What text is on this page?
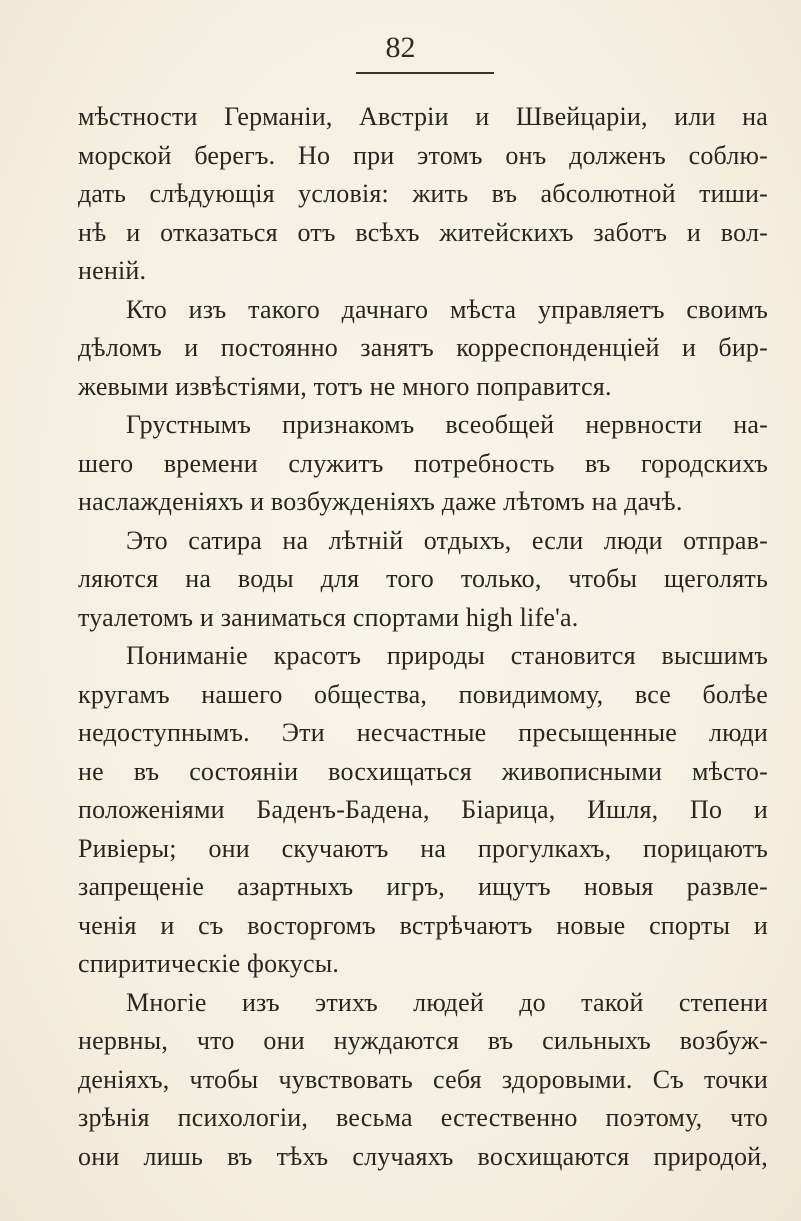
82

мѣстности Германіи, Австріи и Швейцаріи, или на
морской берегъ. Но при этомъ онъ долженъ соблю-
дать слѣдующія условія: жить въ абсолютной тиши-
нѣ и отказаться отъ всѣхъ житейскихъ заботъ и вол-
неній.

Кто изъ такого дачнаго мѣста управляетъ своимъ
дѣломъ и постоянно занятъ корреспонденціей и бир-
жевыми извѣстіями, тотъ не много поправится.

Грустнымъ признакомъ всеобщей нервности на-
шего времени служитъ потребность въ городскихъ
наслажденіяхъ и возбужденіяхъ даже лѣтомъ на дачѣ.

Это сатира на лѣтній отдыхъ, если люди отправ-
ляются на воды для того только, чтобы щеголять
туалетомъ и заниматься спортами high life'а.

Пониманіе красотъ природы становится высшимъ
кругамъ нашего общества, повидимому, все болѣе
недоступнымъ. Эти несчастные пресыщенные люди
не въ состояніи восхищаться живописными мѣсто-
положеніями Баденъ-Бадена, Біарица, Ишля, По и
Ривіеры; они скучаютъ на прогулкахъ, порицаютъ
запрещеніе азартныхъ игръ, ищутъ новыя развле-
ченія и съ восторгомъ встрѣчаютъ новые спорты и
спиритическіе фокусы.

Многіе изъ этихъ людей до такой степени
нервны, что они нуждаются въ сильныхъ возбуж-
деніяхъ, чтобы чувствовать себя здоровыми. Съ точки
зрѣнія психологіи, весьма естественно поэтому, что
они лишь въ тѣхъ случаяхъ восхищаются природой,
